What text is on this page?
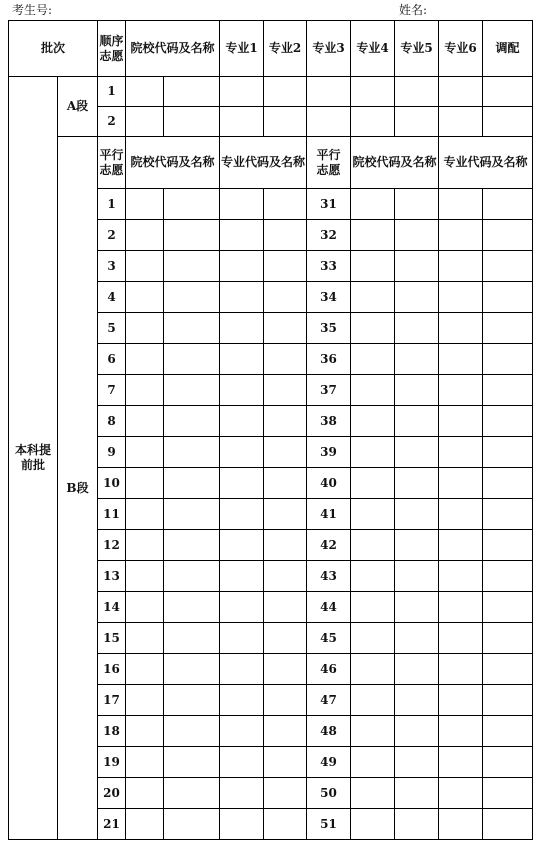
考生号:	姓名:
批次		顺序志愿	院校代码及名称		专业1	专业2	专业3	专业4	专业5	专业6	调配
本科提前批	A段	1									
		2									
	B段	平行志愿	院校代码及名称		专业代码及名称		平行志愿	院校代码及名称		专业代码及名称	
		1					31				
		2					32				
		3					33				
		4					34				
		5					35				
		6					36				
		7					37				
		8					38				
		9					39				
		10					40				
		11					41				
		12					42				
		13					43				
		14					44				
		15					45				
		16					46				
		17					47				
		18					48				
		19					49				
		20					50				
		21					51				
